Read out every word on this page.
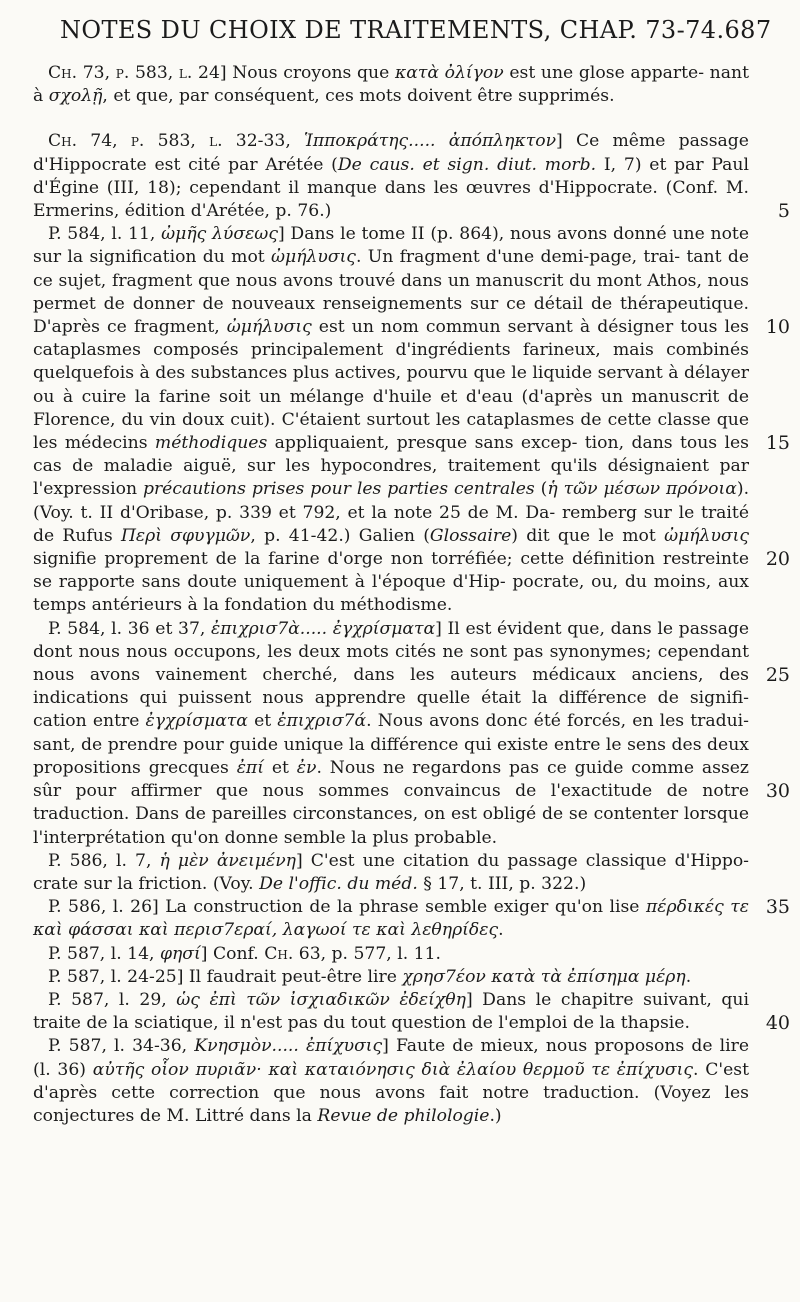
NOTES DU CHOIX DE TRAITEMENTS, CHAP. 73-74. 687

Ch. 73, p. 583, l. 24] Nous croyons que κατὰ ὀλίγον est une glose apparte- nant à σχολῇ, et que, par conséquent, ces mots doivent être supprimés.

Ch. 74, p. 583, l. 32-33, Ἱπποκράτης..... ἀπόπληκτον] Ce même passage d'Hippocrate est cité par Arétée (De caus. et sign. diut. morb. I, 7) et par Paul d'Égine (III, 18); cependant il manque dans les œuvres d'Hippocrate. (Conf. M. Ermerins, édition d'Arétée, p. 76.)

P. 584, l. 11, ὠμῆς λύσεως] Dans le tome II (p. 864), nous avons donné une note sur la signification du mot ὠμήλυσις. Un fragment d'une demi-page, trai- tant de ce sujet, fragment que nous avons trouvé dans un manuscrit du mont Athos, nous permet de donner de nouveaux renseignements sur ce détail de thérapeutique. D'après ce fragment, ὠμήλυσις est un nom commun servant à désigner tous les cataplasmes composés principalement d'ingrédients farineux, mais combinés quelquefois à des substances plus actives, pourvu que le liquide servant à délayer ou à cuire la farine soit un mélange d'huile et d'eau (d'après un manuscrit de Florence, du vin doux cuit). C'étaient surtout les cataplasmes de cette classe que les médecins méthodiques appliquaient, presque sans excep- tion, dans tous les cas de maladie aiguë, sur les hypocondres, traitement qu'ils désignaient par l'expression précautions prises pour les parties centrales (ἡ τῶν μέσων πρόνοια). (Voy. t. II d'Oribase, p. 339 et 792, et la note 25 de M. Da- remberg sur le traité de Rufus Περὶ σφυγμῶν, p. 41-42.) Galien (Glossaire) dit que le mot ὠμήλυσις signifie proprement de la farine d'orge non torréfiée; cette définition restreinte se rapporte sans doute uniquement à l'époque d'Hip- pocrate, ou, du moins, aux temps antérieurs à la fondation du méthodisme.

P. 584, l. 36 et 37, ἐπιχρισ7ὰ..... ἐγχρίσματα] Il est évident que, dans le passage dont nous nous occupons, les deux mots cités ne sont pas synonymes; cependant nous avons vainement cherché, dans les auteurs médicaux anciens, des indications qui puissent nous apprendre quelle était la différence de signifi- cation entre ἐγχρίσματα et ἐπιχρισ7ά. Nous avons donc été forcés, en les tradui- sant, de prendre pour guide unique la différence qui existe entre le sens des deux propositions grecques ἐπί et ἐν. Nous ne regardons pas ce guide comme assez sûr pour affirmer que nous sommes convaincus de l'exactitude de notre traduction. Dans de pareilles circonstances, on est obligé de se contenter lorsque l'interprétation qu'on donne semble la plus probable.

P. 586, l. 7, ἡ μὲν ἀνειμένη] C'est une citation du passage classique d'Hippo- crate sur la friction. (Voy. De l'offic. du méd. § 17, t. III, p. 322.)

P. 586, l. 26] La construction de la phrase semble exiger qu'on lise πέρδικές τε καὶ φάσσαι καὶ περισ7εραί, λαγωοί τε καὶ λεθηρίδες.

P. 587, l. 14, φησί] Conf. Ch. 63, p. 577, l. 11.

P. 587, l. 24-25] Il faudrait peut-être lire χρησ7έον κατὰ τὰ ἐπίσημα μέρη.

P. 587, l. 29, ὡς ἐπὶ τῶν ἰσχιαδικῶν ἐδείχθη] Dans le chapitre suivant, qui traite de la sciatique, il n'est pas du tout question de l'emploi de la thapsie.

P. 587, l. 34-36, Κνησμὸν..... ἐπίχυσις] Faute de mieux, nous proposons de lire (l. 36) αὐτῆς οἷον πυριᾶν· καὶ καταιόνησις διὰ ἐλαίου θερμοῦ τε ἐπίχυσις. C'est d'après cette correction que nous avons fait notre traduction. (Voyez les conjectures de M. Littré dans la Revue de philologie.)

5
10
15
20
25
30
35
40
